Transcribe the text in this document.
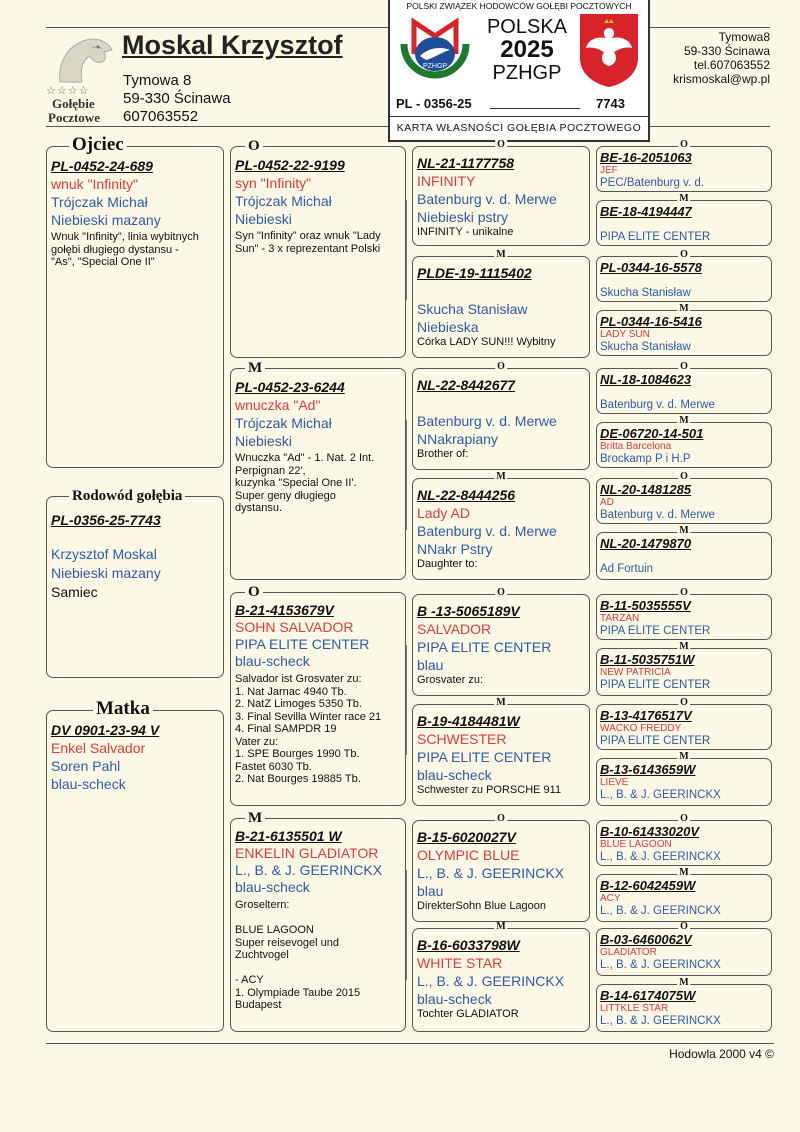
☆☆☆☆
Gołębie
Pocztowe
Moskal Krzysztof
Tymowa 8
59-330 Ścinawa
607063552
Tymowa8
59-330 Ścinawa
tel.607063552
krismoskal@wp.pl
POLSKI ZWIĄZEK HODOWCÓW GOŁĘBI POCZTOWYCH
PZHGP
POLSKA
2025
PZHGP
PL - 0356-25	7743
KARTA WŁASNOŚCI GOŁĘBIA POCZTOWEGO
Ojciec
PL-0452-24-689
wnuk "Infinity"
Trójczak Michał
Niebieski mazany
Wnuk "Infinity", linia wybitnych
gołębi długiego dystansu -
"As", "Special One II"
Rodowód gołębia
PL-0356-25-7743
Krzysztof Moskal
Niebieski mazany
Samiec
Matka
DV 0901-23-94 V
Enkel Salvador
Soren Pahl
blau-scheck
O
PL-0452-22-9199
syn "Infinity"
Trójczak Michał
Niebieski
Syn "Infinity" oraz wnuk "Lady
Sun" - 3 x reprezentant Polski
M
PL-0452-23-6244
wnuczka "Ad"
Trójczak Michał
Niebieski
Wnuczka "Ad" - 1. Nat. 2 Int.
Perpignan 22',
kuzynka "Special One II'.
Super geny długiego
dystansu.
O
B-21-4153679V
SOHN SALVADOR
PIPA ELITE CENTER
blau-scheck
Salvador ist Grosvater zu:
1. Nat Jarnac 4940 Tb.
2. NatZ Limoges 5350 Tb.
3. Final Sevilla Winter race 21
4. Final SAMPDR 19
Vater zu:
1. SPE Bourges 1990 Tb.
Fastet 6030 Tb.
2. Nat Bourges 19885 Tb.
M
B-21-6135501 W
ENKELIN GLADIATOR
L., B. & J. GEERINCKX
blau-scheck
Groseltern:

BLUE LAGOON
Super reisevogel und
Zuchtvogel

- ACY
1. Olympiade Taube 2015
Budapest
O
NL-21-1177758
INFINITY
Batenburg v. d. Merwe
Niebieski pstry
INFINITY - unikalne
M
PLDE-19-1115402
Skucha Stanisław
Niebieska
Córka LADY SUN!!! Wybitny
O
NL-22-8442677
Batenburg v. d. Merwe
NNakrapiany
Brother of:
M
NL-22-8444256
Lady AD
Batenburg v. d. Merwe
NNakr Pstry
Daughter to:
O
B -13-5065189V
SALVADOR
PIPA ELITE CENTER
blau
Grosvater zu:
M
B-19-4184481W
SCHWESTER
PIPA ELITE CENTER
blau-scheck
Schwester zu PORSCHE 911
O
B-15-6020027V
OLYMPIC BLUE
L., B. & J. GEERINCKX
blau
DirekterSohn Blue Lagoon
M
B-16-6033798W
WHITE STAR
L., B. & J. GEERINCKX
blau-scheck
Tochter GLADIATOR
O
BE-16-2051063
JEF
PEC/Batenburg v. d.
M
BE-18-4194447
PIPA ELITE CENTER
O
PL-0344-16-5578
Skucha Stanisław
M
PL-0344-16-5416
LADY SUN
Skucha Stanisław
O
NL-18-1084623
Batenburg v. d. Merwe
M
DE-06720-14-501
Britta Barcelona
Brockamp P i H.P
O
NL-20-1481285
AD
Batenburg v. d. Merwe
M
NL-20-1479870
Ad Fortuin
O
B-11-5035555V
TARZAN
PIPA ELITE CENTER
M
B-11-5035751W
NEW PATRICIA
PIPA ELITE CENTER
O
B-13-4176517V
WACKO FREDDY
PIPA ELITE CENTER
M
B-13-6143659W
LIEVE
L., B. & J. GEERINCKX
O
B-10-61433020V
BLUE LAGOON
L., B. & J. GEERINCKX
M
B-12-6042459W
ACY
L., B. & J. GEERINCKX
O
B-03-6460062V
GLADIATOR
L., B. & J. GEERINCKX
M
B-14-6174075W
LITTKLE STAR
L., B. & J. GEERINCKX
Hodowla 2000 v4 ©
